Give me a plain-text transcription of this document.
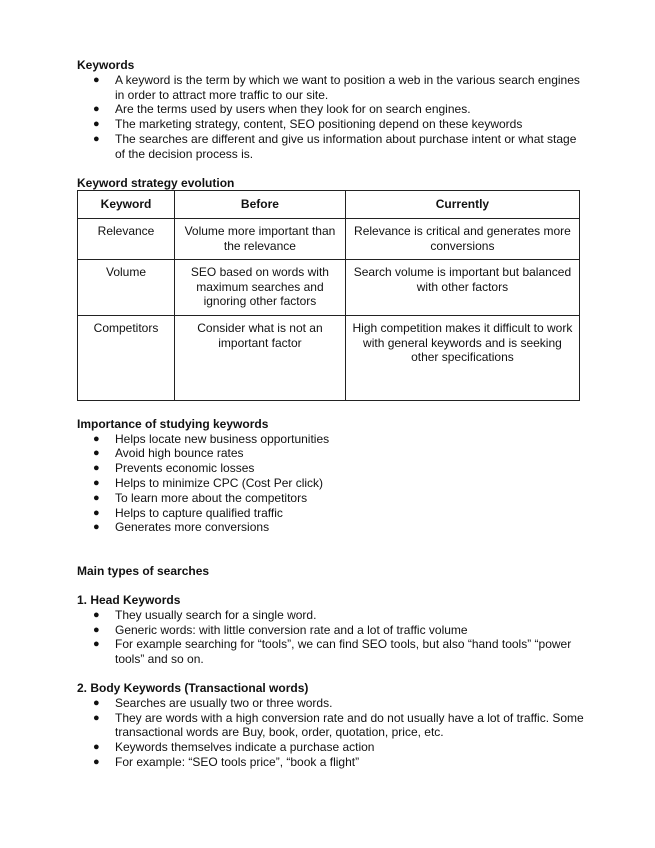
Keywords

● A keyword is the term by which we want to position a web in the various search engines in order to attract more traffic to our site.
● Are the terms used by users when they look for on search engines.
● The marketing strategy, content, SEO positioning depend on these keywords
● The searches are different and give us information about purchase intent or what stage of the decision process is.

Keyword strategy evolution

Keyword	Before	Currently
Relevance	Volume more important than the relevance	Relevance is critical and generates more conversions
Volume	SEO based on words with maximum searches and ignoring other factors	Search volume is important but balanced with other factors
Competitors	Consider what is not an important factor	High competition makes it difficult to work with general keywords and is seeking other specifications

Importance of studying keywords

● Helps locate new business opportunities
● Avoid high bounce rates
● Prevents economic losses
● Helps to minimize CPC (Cost Per click)
● To learn more about the competitors
● Helps to capture qualified traffic
● Generates more conversions

Main types of searches

1. Head Keywords

● They usually search for a single word.
● Generic words: with little conversion rate and a lot of traffic volume
● For example searching for “tools”, we can find SEO tools, but also “hand tools” “power tools” and so on.

2. Body Keywords (Transactional words)

● Searches are usually two or three words.
● They are words with a high conversion rate and do not usually have a lot of traffic. Some transactional words are Buy, book, order, quotation, price, etc.
● Keywords themselves indicate a purchase action
● For example: “SEO tools price”, “book a flight”
